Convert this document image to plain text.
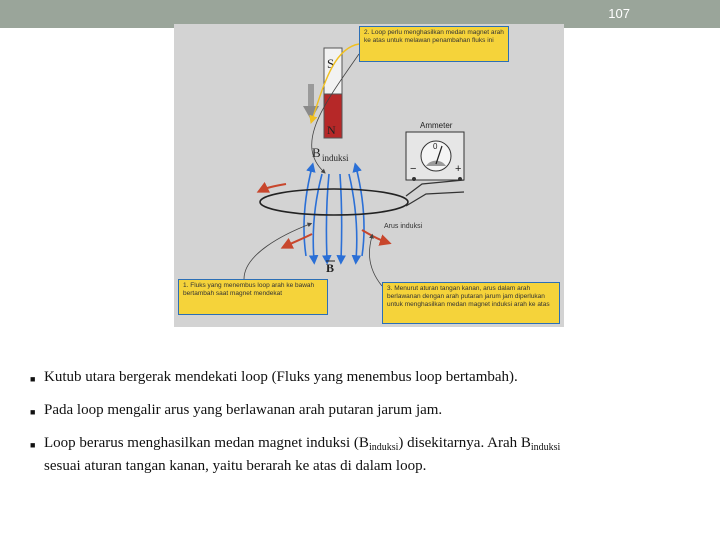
107
S
N
B induksi
B
Ammeter
0
−	+
Arus induksi
2. Loop perlu menghasilkan medan magnet arah ke atas untuk melawan penambahan fluks ini
1. Fluks yang menembus loop arah ke bawah bertambah saat magnet mendekat
3. Menurut aturan tangan kanan, arus dalam arah berlawanan dengan arah putaran jarum jam diperlukan untuk menghasilkan medan magnet induksi arah ke atas
■ Kutub utara bergerak mendekati loop (Fluks yang menembus loop bertambah).
■ Pada loop mengalir arus yang berlawanan arah putaran jarum jam.
■ Loop berarus menghasilkan medan magnet induksi $(B_{induksi})$ disekitarnya. Arah $B_{induksi}$
sesuai aturan tangan kanan, yaitu berarah ke atas di dalam loop.
